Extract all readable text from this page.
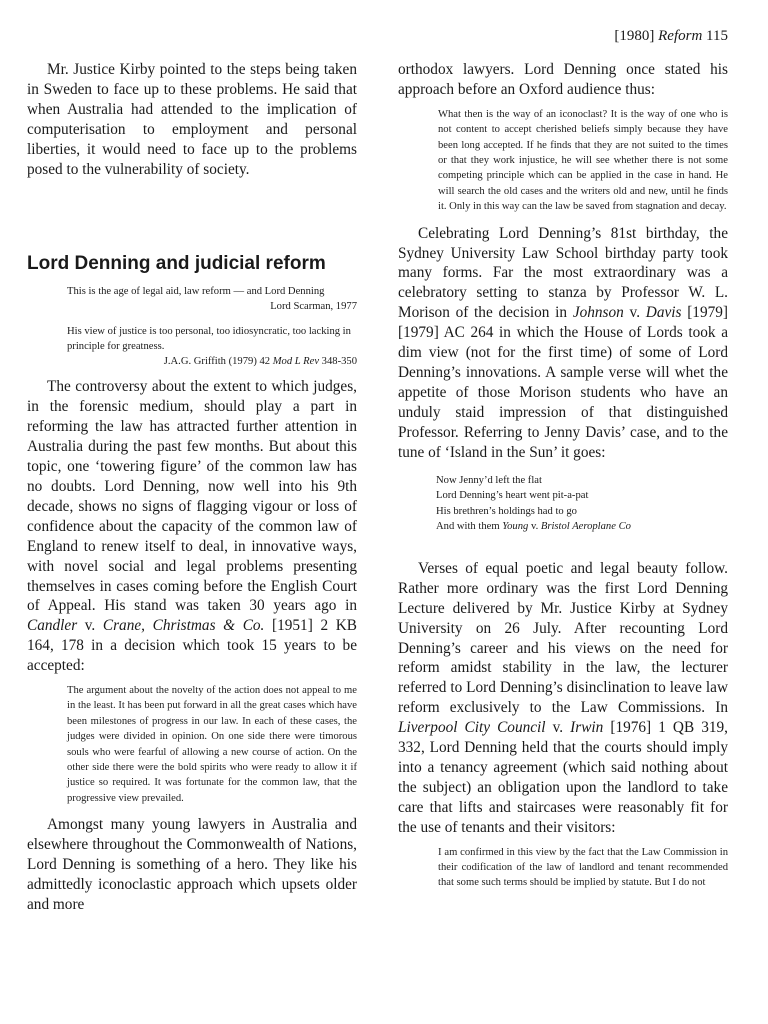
[1980] Reform 115

Mr. Justice Kirby pointed to the steps being taken in Sweden to face up to these problems. He said that when Australia had attended to the implication of computerisation to employment and personal liberties, it would need to face up to the problems posed to the vulnerability of society.

Lord Denning and judicial reform
This is the age of legal aid, law reform — and Lord Denning
Lord Scarman, 1977
His view of justice is too personal, too idiosyncratic, too lacking in principle for greatness.
J.A.G. Griffith (1979) 42 Mod L Rev 348-350

The controversy about the extent to which judges, in the forensic medium, should play a part in reforming the law has attracted further attention in Australia during the past few months. But about this topic, one ‘towering figure’ of the common law has no doubts. Lord Denning, now well into his 9th decade, shows no signs of flagging vigour or loss of confidence about the capacity of the common law of England to renew itself to deal, in innovative ways, with novel social and legal problems presenting themselves in cases coming before the English Court of Appeal. His stand was taken 30 years ago in Candler v. Crane, Christmas & Co. [1951] 2 KB 164, 178 in a decision which took 15 years to be accepted:

The argument about the novelty of the action does not appeal to me in the least. It has been put forward in all the great cases which have been milestones of progress in our law. In each of these cases, the judges were divided in opinion. On one side there were timorous souls who were fearful of allowing a new course of action. On the other side there were the bold spirits who were ready to allow it if justice so required. It was fortunate for the common law, that the progressive view prevailed.

Amongst many young lawyers in Australia and elsewhere throughout the Commonwealth of Nations, Lord Denning is something of a hero. They like his admittedly iconoclastic approach which upsets older and more

orthodox lawyers. Lord Denning once stated his approach before an Oxford audience thus:

What then is the way of an iconoclast? It is the way of one who is not content to accept cherished beliefs simply because they have been long accepted. If he finds that they are not suited to the times or that they work injustice, he will see whether there is not some competing principle which can be applied in the case in hand. He will search the old cases and the writers old and new, until he finds it. Only in this way can the law be saved from stagnation and decay.

Celebrating Lord Denning’s 81st birthday, the Sydney University Law School birthday party took many forms. Far the most extraordinary was a celebratory setting to stanza by Professor W. L. Morison of the decision in Johnson v. Davis [1979] [1979] AC 264 in which the House of Lords took a dim view (not for the first time) of some of Lord Denning’s innovations. A sample verse will whet the appetite of those Morison students who have an unduly staid impression of that distinguished Professor. Referring to Jenny Davis’ case, and to the tune of ‘Island in the Sun’ it goes:

Now Jenny’d left the flat
Lord Denning’s heart went pit-a-pat
His brethren’s holdings had to go
And with them Young v. Bristol Aeroplane Co

Verses of equal poetic and legal beauty follow. Rather more ordinary was the first Lord Denning Lecture delivered by Mr. Justice Kirby at Sydney University on 26 July. After recounting Lord Denning’s career and his views on the need for reform amidst stability in the law, the lecturer referred to Lord Denning’s disinclination to leave law reform exclusively to the Law Commissions. In Liverpool City Council v. Irwin [1976] 1 QB 319, 332, Lord Denning held that the courts should imply into a tenancy agreement (which said nothing about the subject) an obligation upon the landlord to take care that lifts and staircases were reasonably fit for the use of tenants and their visitors:

I am confirmed in this view by the fact that the Law Commission in their codification of the law of landlord and tenant recommended that some such terms should be implied by statute. But I do not
